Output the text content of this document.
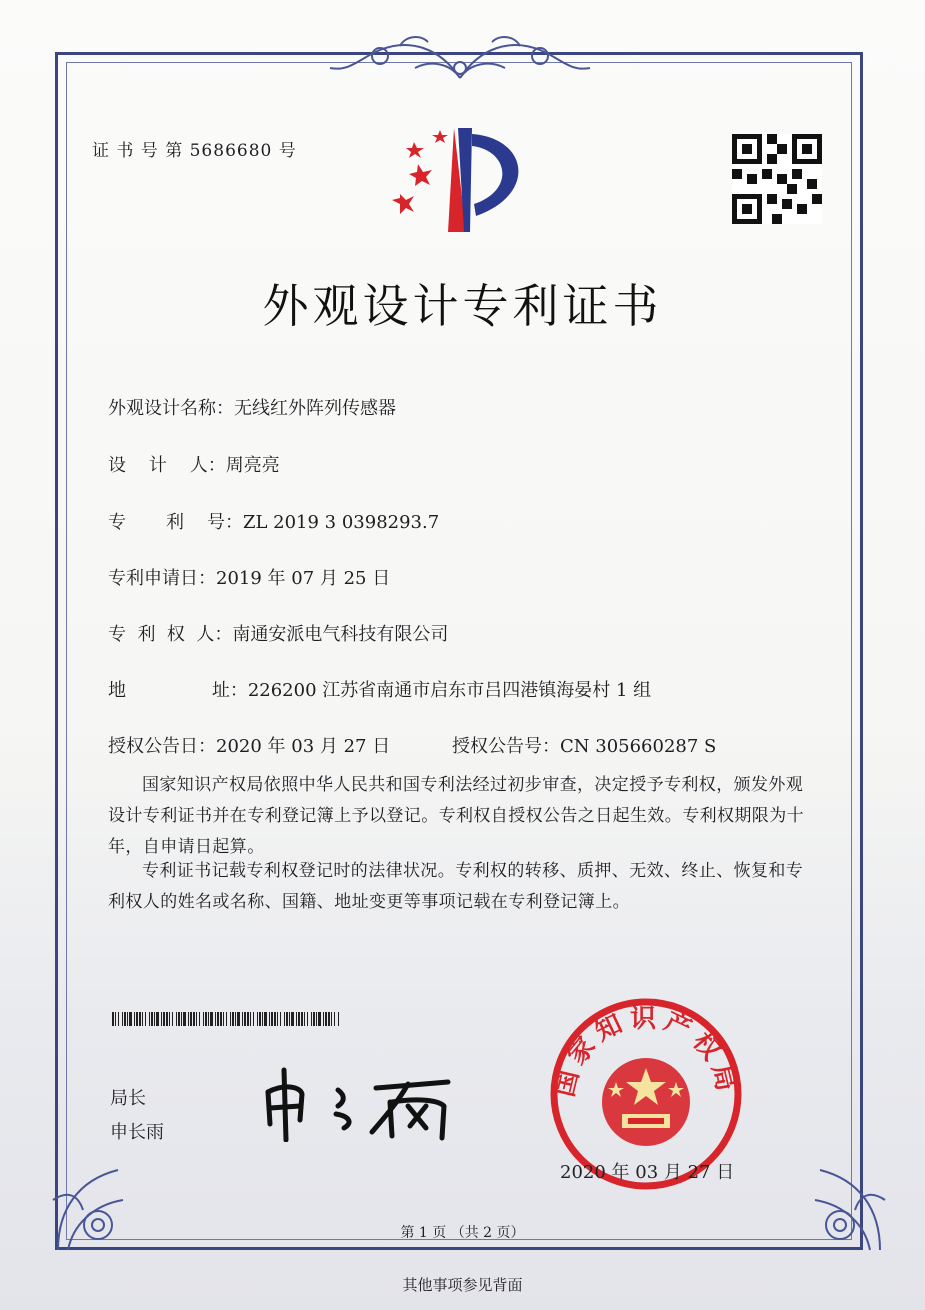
证 书 号 第 5686680 号
外观设计专利证书
外观设计名称：无线红外阵列传感器
设    计    人：周亮亮
专       利    号：ZL 2019 3 0398293.7
专利申请日：2019 年 07 月 25 日
专  利  权  人：南通安派电气科技有限公司
地               址：226200 江苏省南通市启东市吕四港镇海晏村 1 组
授权公告日：2020 年 03 月 27 日	授权公告号：CN 305660287 S
国家知识产权局依照中华人民共和国专利法经过初步审查，决定授予专利权，颁发外观设计专利证书并在专利登记簿上予以登记。专利权自授权公告之日起生效。专利权期限为十年，自申请日起算。
专利证书记载专利权登记时的法律状况。专利权的转移、质押、无效、终止、恢复和专利权人的姓名或名称、国籍、地址变更等事项记载在专利登记簿上。
局长
申长雨
国家知识产权局
2020 年 03 月 27 日
第 1 页 （共 2 页）
其他事项参见背面
